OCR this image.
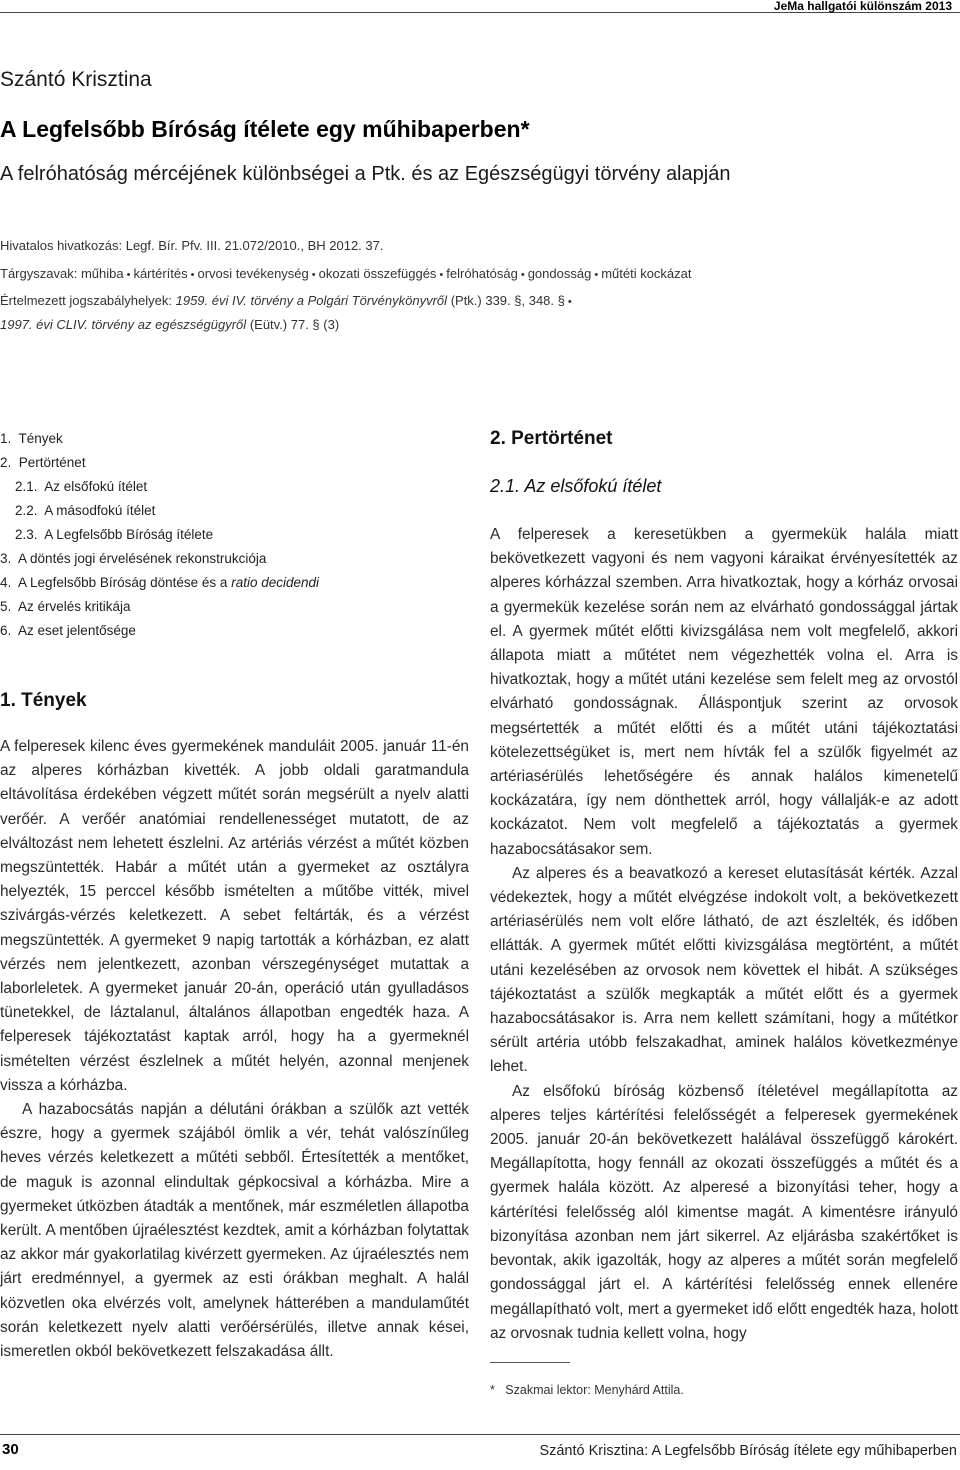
JeMa hallgatói különszám 2013
Szántó Krisztina
A Legfelsőbb Bíróság ítélete egy műhibaperben*
A felróhatóság mércéjének különbségei a Ptk. és az Egészségügyi törvény alapján
Hivatalos hivatkozás: Legf. Bír. Pfv. III. 21.072/2010., BH 2012. 37.
Tárgyszavak: műhiba • kártérítés • orvosi tevékenység • okozati összefüggés • felróhatóság • gondosság • műtéti kockázat
Értelmezett jogszabályhelyek: 1959. évi IV. törvény a Polgári Törvénykönyvről (Ptk.) 339. §, 348. § •
1997. évi CLIV. törvény az egészségügyről (Eütv.) 77. § (3)
1. Tények
2. Pertörténet
2.1. Az elsőfokú ítélet
2.2. A másodfokú ítélet
2.3. A Legfelsőbb Bíróság ítélete
3. A döntés jogi érvelésének rekonstrukciója
4. A Legfelsőbb Bíróság döntése és a ratio decidendi
5. Az érvelés kritikája
6. Az eset jelentősége
1. Tények

A felperesek kilenc éves gyermekének manduláit 2005. január 11-én az alperes kórházban kivették. A jobb oldali garatmandula eltávolítása érdekében végzett műtét során megsérült a nyelv alatti verőér. A verőér anatómiai rendellenességet mutatott, de az elváltozást nem lehetett észlelni. Az artériás vérzést a műtét közben megszüntették. Habár a műtét után a gyermeket az osztályra helyezték, 15 perccel később ismételten a műtőbe vitték, mivel szivárgás-vérzés keletkezett. A sebet feltárták, és a vérzést megszüntették. A gyermeket 9 napig tartották a kórházban, ez alatt vérzés nem jelentkezett, azonban vérszegénységet mutattak a laborleletek. A gyermeket január 20-án, operáció után gyulladásos tünetekkel, de láztalanul, általános állapotban engedték haza. A felperesek tájékoztatást kaptak arról, hogy ha a gyermeknél ismételten vérzést észlelnek a műtét helyén, azonnal menjenek vissza a kórházba.

A hazabocsátás napján a délutáni órákban a szülők azt vették észre, hogy a gyermek szájából ömlik a vér, tehát valószínűleg heves vérzés keletkezett a műtéti sebből. Értesítették a mentőket, de maguk is azonnal elindultak gépkocsival a kórházba. Mire a gyermeket útközben átadták a mentőnek, már eszméletlen állapotba került. A mentőben újraélesztést kezdtek, amit a kórházban folytattak az akkor már gyakorlatilag kivérzett gyermeken. Az újraélesztés nem járt eredménnyel, a gyermek az esti órákban meghalt. A halál közvetlen oka elvérzés volt, amelynek hátterében a mandulaműtét során keletkezett nyelv alatti verőérsérülés, illetve annak kései, ismeretlen okból bekövetkezett felszakadása állt.

2. Pertörténet
2.1. Az elsőfokú ítélet

A felperesek a keresetükben a gyermekük halála miatt bekövetkezett vagyoni és nem vagyoni káraikat érvényesítették az alperes kórházzal szemben. Arra hivatkoztak, hogy a kórház orvosai a gyermekük kezelése során nem az elvárható gondossággal jártak el. A gyermek műtét előtti kivizsgálása nem volt megfelelő, akkori állapota miatt a műtétet nem végezhették volna el. Arra is hivatkoztak, hogy a műtét utáni kezelése sem felelt meg az orvostól elvárható gondosságnak. Álláspontjuk szerint az orvosok megsértették a műtét előtti és a műtét utáni tájékoztatási kötelezettségüket is, mert nem hívták fel a szülők figyelmét az artériasérülés lehetőségére és annak halálos kimenetelű kockázatára, így nem dönthettek arról, hogy vállalják-e az adott kockázatot. Nem volt megfelelő a tájékoztatás a gyermek hazabocsátásakor sem.

Az alperes és a beavatkozó a kereset elutasítását kérték. Azzal védekeztek, hogy a műtét elvégzése indokolt volt, a bekövetkezett artériasérülés nem volt előre látható, de azt észlelték, és időben ellátták. A gyermek műtét előtti kivizsgálása megtörtént, a műtét utáni kezelésében az orvosok nem követtek el hibát. A szükséges tájékoztatást a szülők megkapták a műtét előtt és a gyermek hazabocsátásakor is. Arra nem kellett számítani, hogy a műtétkor sérült artéria utóbb felszakadhat, aminek halálos következménye lehet.

Az elsőfokú bíróság közbenső ítéletével megállapította az alperes teljes kártérítési felelősségét a felperesek gyermekének 2005. január 20-án bekövetkezett halálával összefüggő károkért. Megállapította, hogy fennáll az okozati összefüggés a műtét és a gyermek halála között. Az alperesé a bizonyítási teher, hogy a kártérítési felelősség alól kimentse magát. A kimentésre irányuló bizonyítása azonban nem járt sikerrel. Az eljárásba szakértőket is bevontak, akik igazolták, hogy az alperes a műtét során megfelelő gondossággal járt el. A kártérítési felelősség ennek ellenére megállapítható volt, mert a gyermeket idő előtt engedték haza, holott az orvosnak tudnia kellett volna, hogy

* Szakmai lektor: Menyhárd Attila.
30	Szántó Krisztina: A Legfelsőbb Bíróság ítélete egy műhibaperben
